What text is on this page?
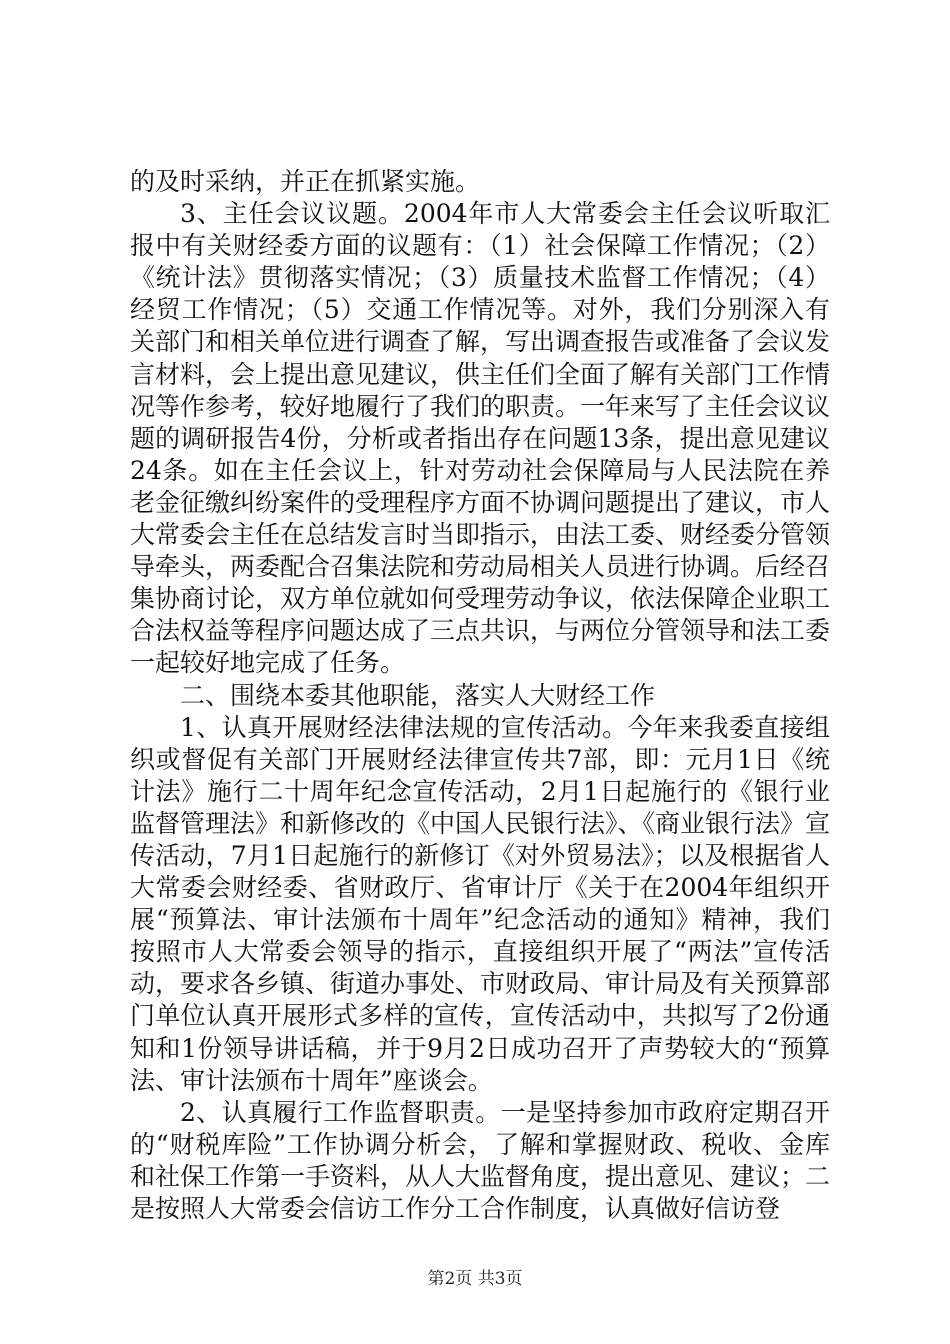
的及时采纳，并正在抓紧实施。

3、主任会议议题。2004年市人大常委会主任会议听取汇报中有关财经委方面的议题有：（1）社会保障工作情况；（2）《统计法》贯彻落实情况；（3）质量技术监督工作情况；（4）经贸工作情况；（5）交通工作情况等。对外，我们分别深入有关部门和相关单位进行调查了解，写出调查报告或准备了会议发言材料，会上提出意见建议，供主任们全面了解有关部门工作情况等作参考，较好地履行了我们的职责。一年来写了主任会议议题的调研报告4份，分析或者指出存在问题13条，提出意见建议24条。如在主任会议上，针对劳动社会保障局与人民法院在养老金征缴纠纷案件的受理程序方面不协调问题提出了建议，市人大常委会主任在总结发言时当即指示，由法工委、财经委分管领导牵头，两委配合召集法院和劳动局相关人员进行协调。后经召集协商讨论，双方单位就如何受理劳动争议，依法保障企业职工合法权益等程序问题达成了三点共识，与两位分管领导和法工委一起较好地完成了任务。

二、围绕本委其他职能，落实人大财经工作

1、认真开展财经法律法规的宣传活动。今年来我委直接组织或督促有关部门开展财经法律宣传共7部，即：元月1日《统计法》施行二十周年纪念宣传活动，2月1日起施行的《银行业监督管理法》和新修改的《中国人民银行法》、《商业银行法》宣传活动，7月1日起施行的新修订《对外贸易法》；以及根据省人大常委会财经委、省财政厅、省审计厅《关于在2004年组织开展“预算法、审计法颁布十周年”纪念活动的通知》精神，我们按照市人大常委会领导的指示，直接组织开展了“两法”宣传活动，要求各乡镇、街道办事处、市财政局、审计局及有关预算部门单位认真开展形式多样的宣传，宣传活动中，共拟写了2份通知和1份领导讲话稿，并于9月2日成功召开了声势较大的“预算法、审计法颁布十周年”座谈会。

2、认真履行工作监督职责。一是坚持参加市政府定期召开的“财税库险”工作协调分析会，了解和掌握财政、税收、金库和社保工作第一手资料，从人大监督角度，提出意见、建议；二是按照人大常委会信访工作分工合作制度，认真做好信访登

第2页 共3页
